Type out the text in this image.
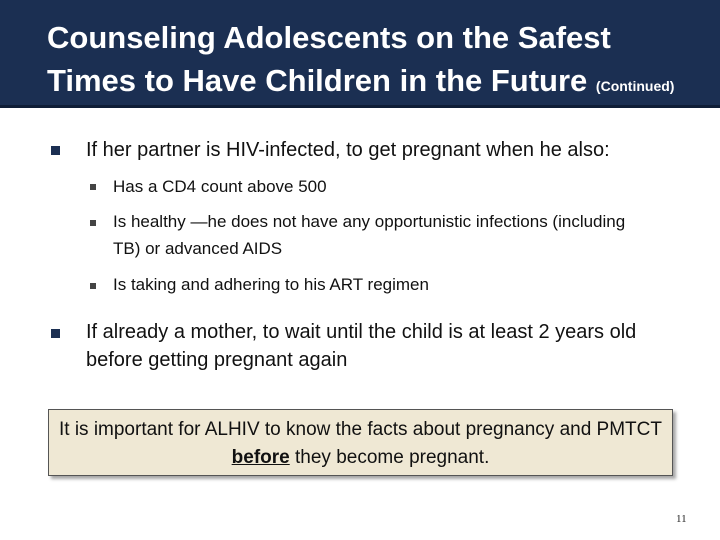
Counseling Adolescents on the Safest
Times to Have Children in the Future (Continued)
If her partner is HIV-infected, to get pregnant when he also:
Has a CD4 count above 500
Is healthy —he does not have any opportunistic infections (including TB) or advanced AIDS
Is taking and adhering to his ART regimen
If already a mother, to wait until the child is at least 2 years old before getting pregnant again
It is important for ALHIV to know the facts about pregnancy and PMTCT before they become pregnant.
11
